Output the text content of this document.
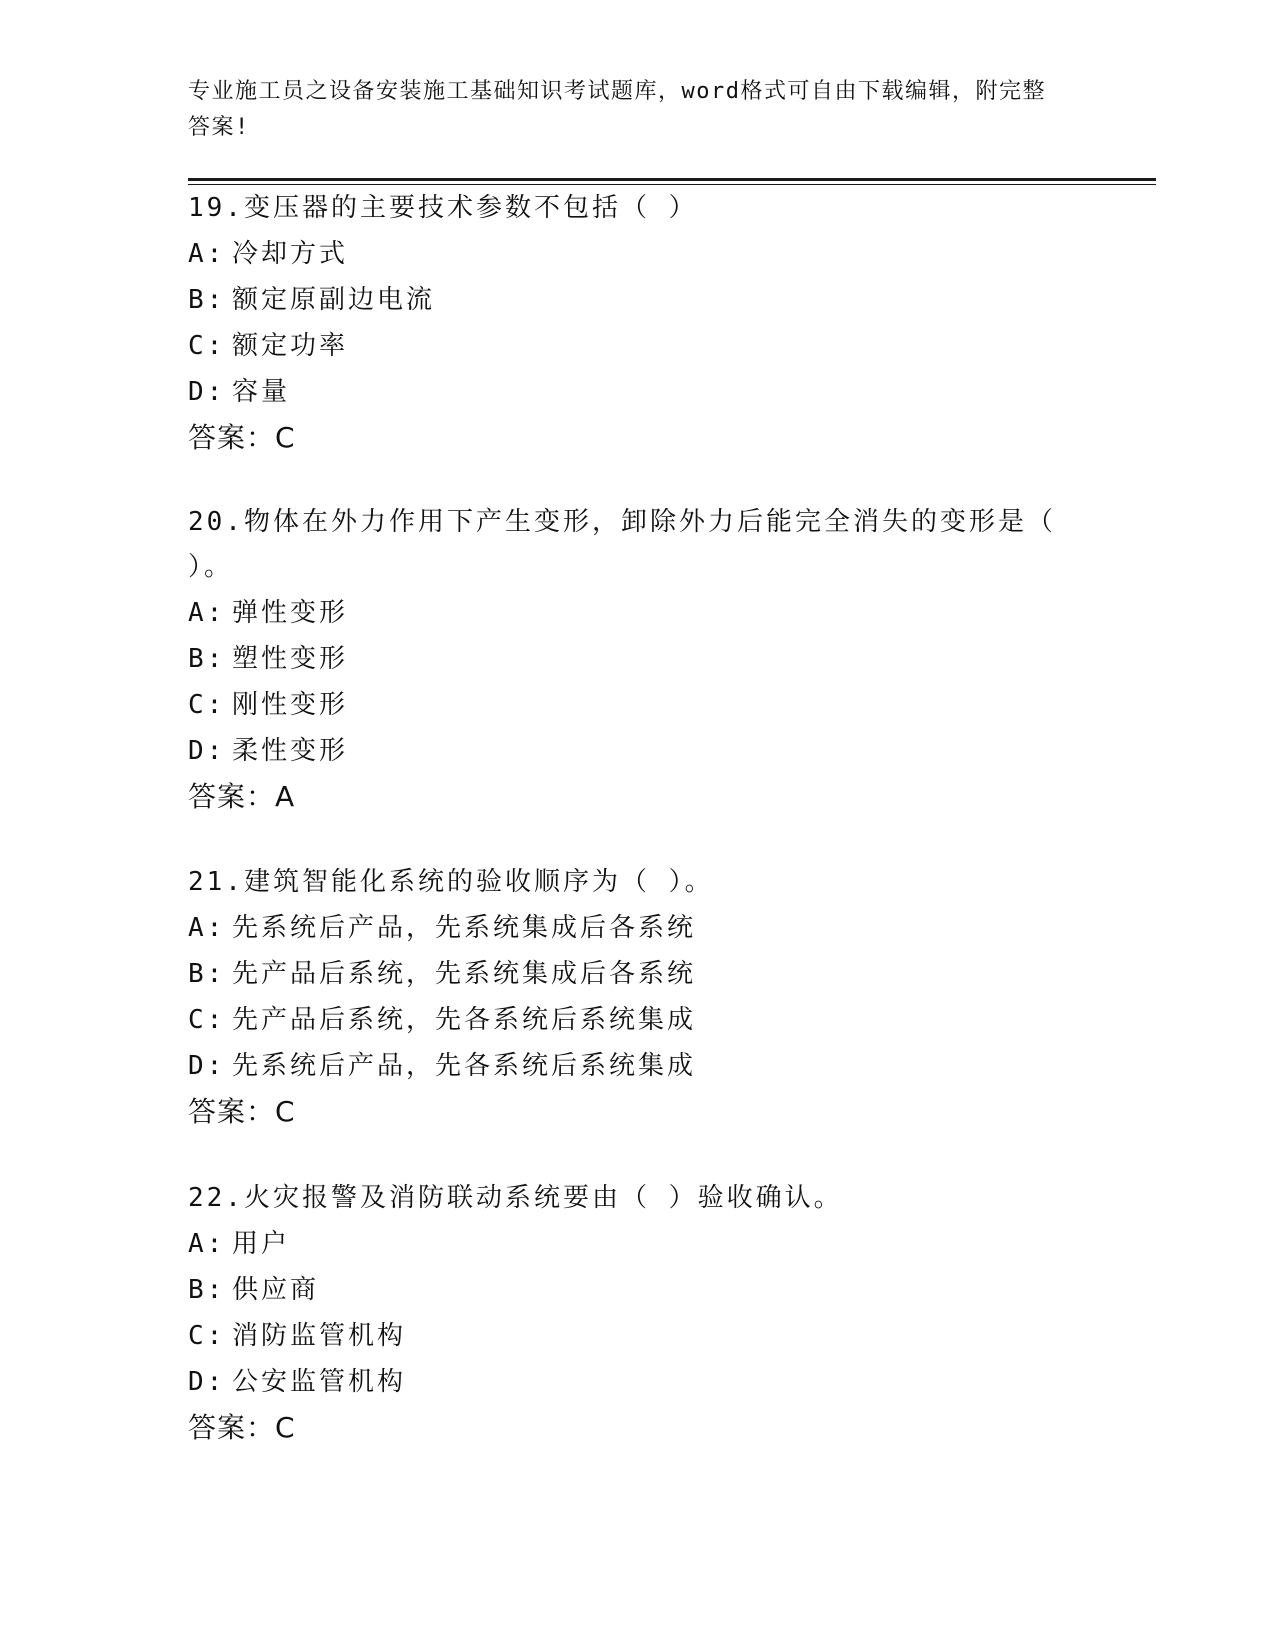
专业施工员之设备安装施工基础知识考试题库，word格式可自由下载编辑，附完整答案!

19.变压器的主要技术参数不包括（ ）

A: 冷却方式

B: 额定原副边电流

C: 额定功率

D: 容量

答案：C

20.物体在外力作用下产生变形，卸除外力后能完全消失的变形是（ ）。

A: 弹性变形

B: 塑性变形

C: 刚性变形

D: 柔性变形

答案：A

21.建筑智能化系统的验收顺序为（ ）。

A: 先系统后产品，先系统集成后各系统

B: 先产品后系统，先系统集成后各系统

C: 先产品后系统，先各系统后系统集成

D: 先系统后产品，先各系统后系统集成

答案：C

22.火灾报警及消防联动系统要由（ ）验收确认。

A: 用户

B: 供应商

C: 消防监管机构

D: 公安监管机构

答案：C
